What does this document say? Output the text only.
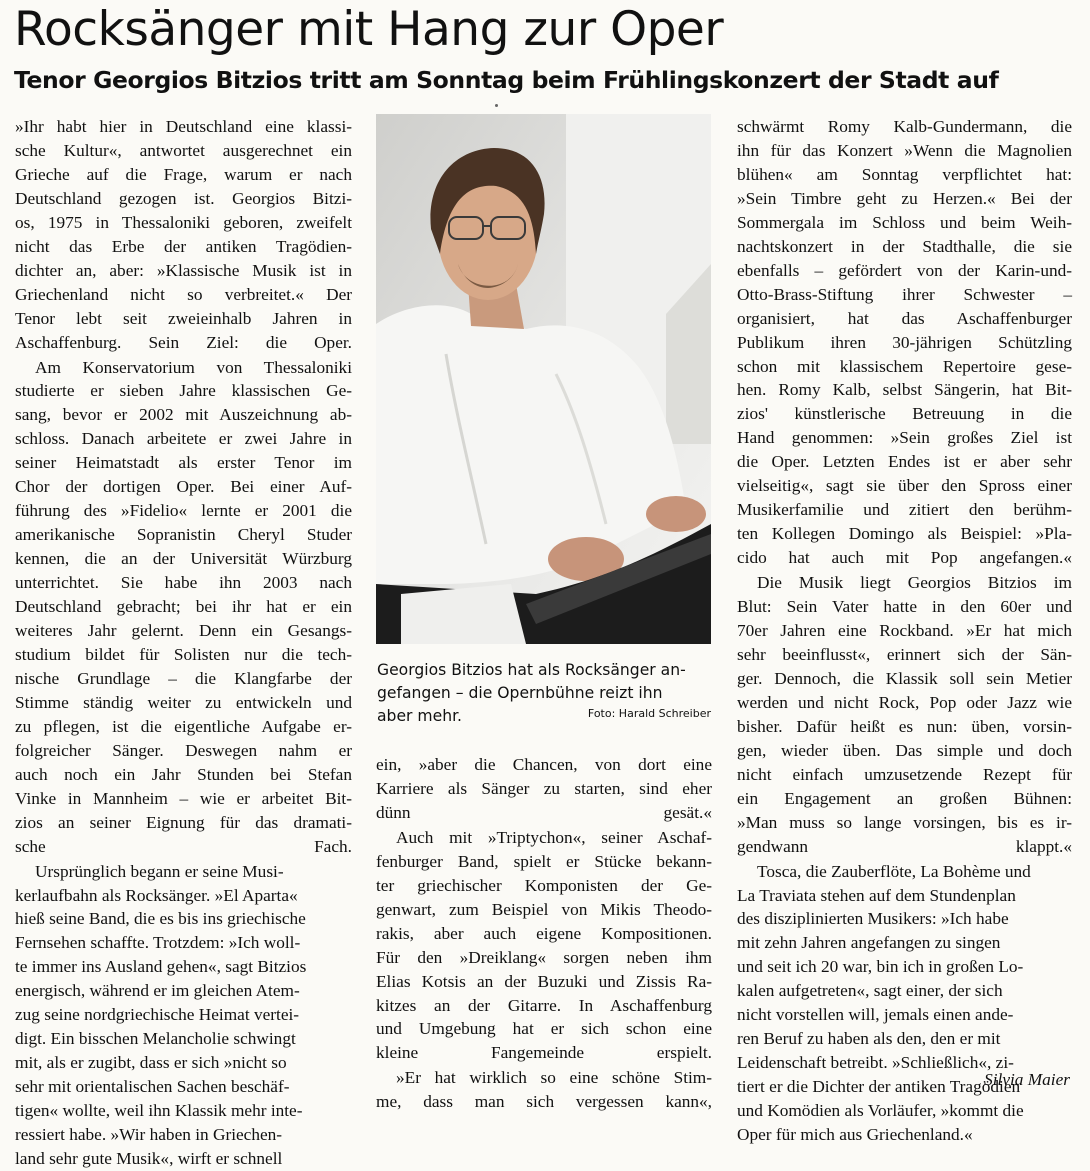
Rocksänger mit Hang zur Oper
Tenor Georgios Bitzios tritt am Sonntag beim Frühlingskonzert der Stadt auf

»Ihr habt hier in Deutschland eine klassi-
sche Kultur«, antwortet ausgerechnet ein
Grieche auf die Frage, warum er nach
Deutschland gezogen ist. Georgios Bitzi-
os, 1975 in Thessaloniki geboren, zweifelt
nicht das Erbe der antiken Tragödien-
dichter an, aber: »Klassische Musik ist in
Griechenland nicht so verbreitet.« Der
Tenor lebt seit zweieinhalb Jahren in
Aschaffenburg. Sein Ziel: die Oper.

Am Konservatorium von Thessaloniki
studierte er sieben Jahre klassischen Ge-
sang, bevor er 2002 mit Auszeichnung ab-
schloss. Danach arbeitete er zwei Jahre in
seiner Heimatstadt als erster Tenor im
Chor der dortigen Oper. Bei einer Auf-
führung des »Fidelio« lernte er 2001 die
amerikanische Sopranistin Cheryl Studer
kennen, die an der Universität Würzburg
unterrichtet. Sie habe ihn 2003 nach
Deutschland gebracht; bei ihr hat er ein
weiteres Jahr gelernt. Denn ein Gesangs-
studium bildet für Solisten nur die tech-
nische Grundlage – die Klangfarbe der
Stimme ständig weiter zu entwickeln und
zu pflegen, ist die eigentliche Aufgabe er-
folgreicher Sänger. Deswegen nahm er
auch noch ein Jahr Stunden bei Stefan
Vinke in Mannheim – wie er arbeitet Bit-
zios an seiner Eignung für das dramati-
sche Fach.

Ursprünglich begann er seine Musi-
kerlaufbahn als Rocksänger. »El Aparta«
hieß seine Band, die es bis ins griechische
Fernsehen schaffte. Trotzdem: »Ich woll-
te immer ins Ausland gehen«, sagt Bitzios
energisch, während er im gleichen Atem-
zug seine nordgriechische Heimat vertei-
digt. Ein bisschen Melancholie schwingt
mit, als er zugibt, dass er sich »nicht so
sehr mit orientalischen Sachen beschäf-
tigen« wollte, weil ihn Klassik mehr inte-
ressiert habe. »Wir haben in Griechen-
land sehr gute Musik«, wirft er schnell

Georgios Bitzios hat als Rocksänger an-
gefangen – die Opernbühne reizt ihn
aber mehr.	Foto: Harald Schreiber

ein, »aber die Chancen, von dort eine
Karriere als Sänger zu starten, sind eher
dünn gesät.«

Auch mit »Triptychon«, seiner Aschaf-
fenburger Band, spielt er Stücke bekann-
ter griechischer Komponisten der Ge-
genwart, zum Beispiel von Mikis Theodo-
rakis, aber auch eigene Kompositionen.
Für den »Dreiklang« sorgen neben ihm
Elias Kotsis an der Buzuki und Zissis Ra-
kitzes an der Gitarre. In Aschaffenburg
und Umgebung hat er sich schon eine
kleine Fangemeinde erspielt.

»Er hat wirklich so eine schöne Stim-
me, dass man sich vergessen kann«,

schwärmt Romy Kalb-Gundermann, die
ihn für das Konzert »Wenn die Magnolien
blühen« am Sonntag verpflichtet hat:
»Sein Timbre geht zu Herzen.« Bei der
Sommergala im Schloss und beim Weih-
nachtskonzert in der Stadthalle, die sie
ebenfalls – gefördert von der Karin-und-
Otto-Brass-Stiftung ihrer Schwester –
organisiert, hat das Aschaffenburger
Publikum ihren 30-jährigen Schützling
schon mit klassischem Repertoire gese-
hen. Romy Kalb, selbst Sängerin, hat Bit-
zios' künstlerische Betreuung in die
Hand genommen: »Sein großes Ziel ist
die Oper. Letzten Endes ist er aber sehr
vielseitig«, sagt sie über den Spross einer
Musikerfamilie und zitiert den berühm-
ten Kollegen Domingo als Beispiel: »Pla-
cido hat auch mit Pop angefangen.«

Die Musik liegt Georgios Bitzios im
Blut: Sein Vater hatte in den 60er und
70er Jahren eine Rockband. »Er hat mich
sehr beeinflusst«, erinnert sich der Sän-
ger. Dennoch, die Klassik soll sein Metier
werden und nicht Rock, Pop oder Jazz wie
bisher. Dafür heißt es nun: üben, vorsin-
gen, wieder üben. Das simple und doch
nicht einfach umzusetzende Rezept für
ein Engagement an großen Bühnen:
»Man muss so lange vorsingen, bis es ir-
gendwann klappt.«

Tosca, die Zauberflöte, La Bohème und
La Traviata stehen auf dem Stundenplan
des disziplinierten Musikers: »Ich habe
mit zehn Jahren angefangen zu singen
und seit ich 20 war, bin ich in großen Lo-
kalen aufgetreten«, sagt einer, der sich
nicht vorstellen will, jemals einen ande-
ren Beruf zu haben als den, den er mit
Leidenschaft betreibt. »Schließlich«, zi-
tiert er die Dichter der antiken Tragödien
und Komödien als Vorläufer, »kommt die
Oper für mich aus Griechenland.«

Silvia Maier
